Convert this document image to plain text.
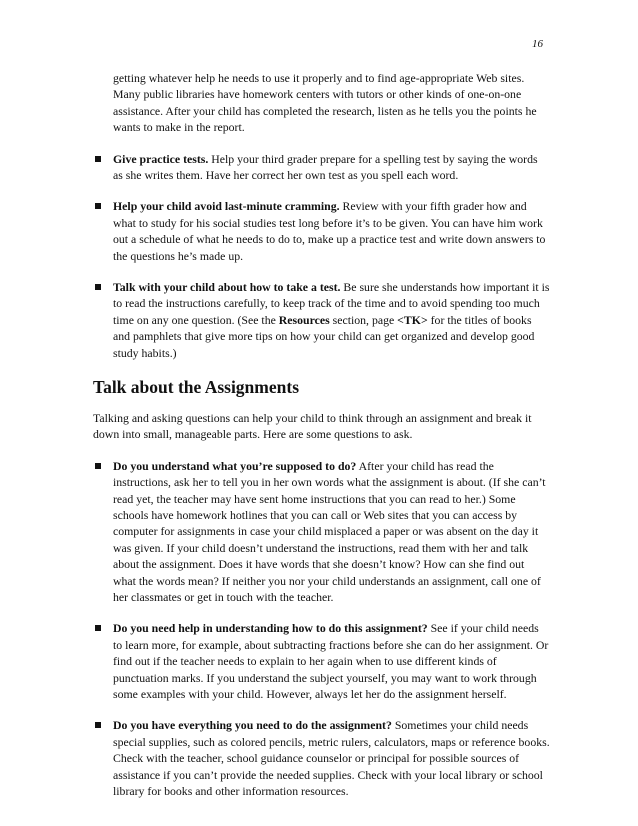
16

getting whatever help he needs to use it properly and to find age-appropriate Web sites. Many public libraries have homework centers with tutors or other kinds of one-on-one assistance. After your child has completed the research, listen as he tells you the points he wants to make in the report.

Give practice tests. Help your third grader prepare for a spelling test by saying the words as she writes them. Have her correct her own test as you spell each word.
Help your child avoid last-minute cramming. Review with your fifth grader how and what to study for his social studies test long before it’s to be given. You can have him work out a schedule of what he needs to do to, make up a practice test and write down answers to the questions he’s made up.
Talk with your child about how to take a test. Be sure she understands how important it is to read the instructions carefully, to keep track of the time and to avoid spending too much time on any one question. (See the Resources section, page <TK> for the titles of books and pamphlets that give more tips on how your child can get organized and develop good study habits.)
Talk about the Assignments

Talking and asking questions can help your child to think through an assignment and break it down into small, manageable parts. Here are some questions to ask.

Do you understand what you’re supposed to do? After your child has read the instructions, ask her to tell you in her own words what the assignment is about. (If she can’t read yet, the teacher may have sent home instructions that you can read to her.) Some schools have homework hotlines that you can call or Web sites that you can access by computer for assignments in case your child misplaced a paper or was absent on the day it was given. If your child doesn’t understand the instructions, read them with her and talk about the assignment. Does it have words that she doesn’t know? How can she find out what the words mean? If neither you nor your child understands an assignment, call one of her classmates or get in touch with the teacher.
Do you need help in understanding how to do this assignment? See if your child needs to learn more, for example, about subtracting fractions before she can do her assignment. Or find out if the teacher needs to explain to her again when to use different kinds of punctuation marks. If you understand the subject yourself, you may want to work through some examples with your child. However, always let her do the assignment herself.
Do you have everything you need to do the assignment? Sometimes your child needs special supplies, such as colored pencils, metric rulers, calculators, maps or reference books. Check with the teacher, school guidance counselor or principal for possible sources of assistance if you can’t provide the needed supplies. Check with your local library or school library for books and other information resources.
